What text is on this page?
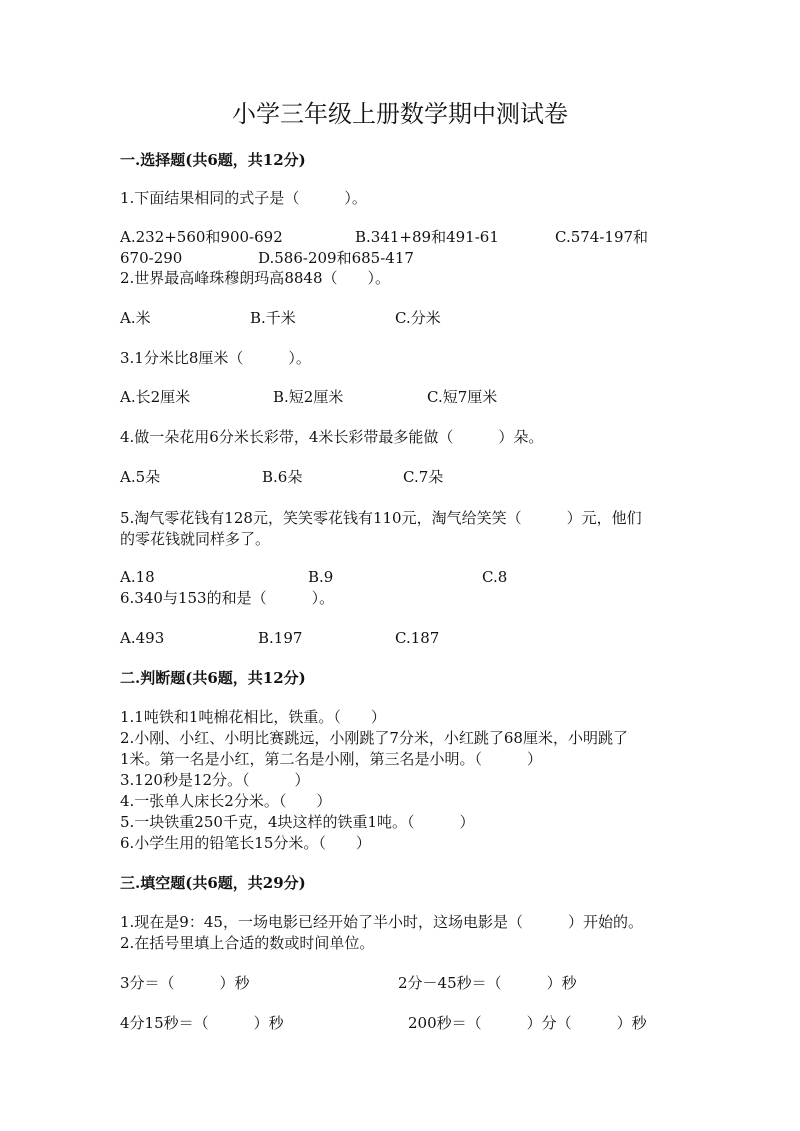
小学三年级上册数学期中测试卷
一.选择题(共6题，共12分)
1.下面结果相同的式子是（　　　）。
A.232+560和900-692	B.341+89和491-61	C.574-197和
670-290	D.586-209和685-417
2.世界最高峰珠穆朗玛高8848（　　）。
A.米	B.千米	C.分米
3.1分米比8厘米（　　　）。
A.长2厘米	B.短2厘米	C.短7厘米
4.做一朵花用6分米长彩带，4米长彩带最多能做（　　　）朵。
A.5朵	B.6朵	C.7朵
5.淘气零花钱有128元，笑笑零花钱有110元，淘气给笑笑（　　　）元，他们
的零花钱就同样多了。
A.18	B.9	C.8
6.340与153的和是（　　　）。
A.493	B.197	C.187
二.判断题(共6题，共12分)
1.1吨铁和1吨棉花相比，铁重。（　　）
2.小刚、小红、小明比赛跳远，小刚跳了7分米，小红跳了68厘米，小明跳了
1米。第一名是小红，第二名是小刚，第三名是小明。（　　　）
3.120秒是12分。（　　　）
4.一张单人床长2分米。（　　）
5.一块铁重250千克，4块这样的铁重1吨。（　　　）
6.小学生用的铅笔长15分米。（　　）
三.填空题(共6题，共29分)
1.现在是9：45，一场电影已经开始了半小时，这场电影是（　　　）开始的。
2.在括号里填上合适的数或时间单位。
3分＝（　　　）秒	2分－45秒＝（　　　）秒
4分15秒＝（　　　）秒	200秒＝（　　　）分（　　　）秒
